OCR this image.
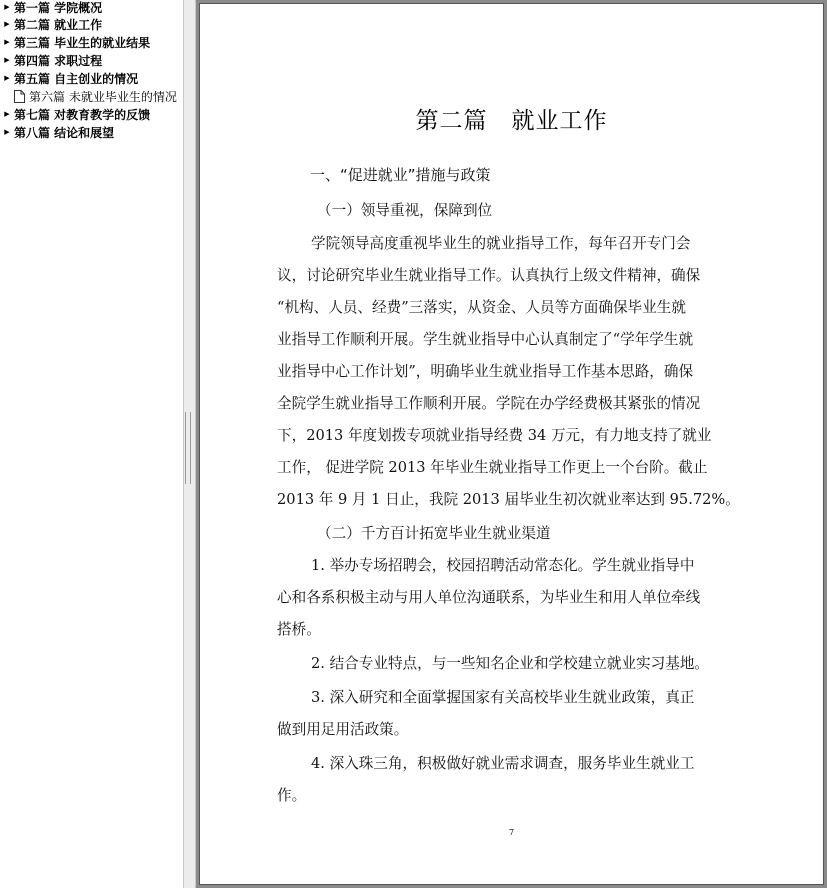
▶ 第一篇 学院概况
▶ 第二篇 就业工作
▶ 第三篇 毕业生的就业结果
▶ 第四篇 求职过程
▶ 第五篇 自主创业的情况
第六篇 未就业毕业生的情况
▶ 第七篇 对教育教学的反馈
▶ 第八篇 结论和展望	第二篇　就业工作
一、“促进就业”措施与政策
（一）领导重视，保障到位
学院领导高度重视毕业生的就业指导工作，每年召开专门会
议，讨论研究毕业生就业指导工作。认真执行上级文件精神，确保
“机构、人员、经费”三落实，从资金、人员等方面确保毕业生就
业指导工作顺利开展。学生就业指导中心认真制定了“学年学生就
业指导中心工作计划”，明确毕业生就业指导工作基本思路，确保
全院学生就业指导工作顺利开展。学院在办学经费极其紧张的情况
下，2013 年度划拨专项就业指导经费 34 万元，有力地支持了就业
工作， 促进学院 2013 年毕业生就业指导工作更上一个台阶。截止
2013 年 9 月 1 日止，我院 2013 届毕业生初次就业率达到 95.72%。
（二）千方百计拓宽毕业生就业渠道
1. 举办专场招聘会，校园招聘活动常态化。学生就业指导中
心和各系积极主动与用人单位沟通联系，为毕业生和用人单位牵线
搭桥。
2. 结合专业特点，与一些知名企业和学校建立就业实习基地。
3. 深入研究和全面掌握国家有关高校毕业生就业政策，真正
做到用足用活政策。
4. 深入珠三角，积极做好就业需求调查，服务毕业生就业工
作。
7
